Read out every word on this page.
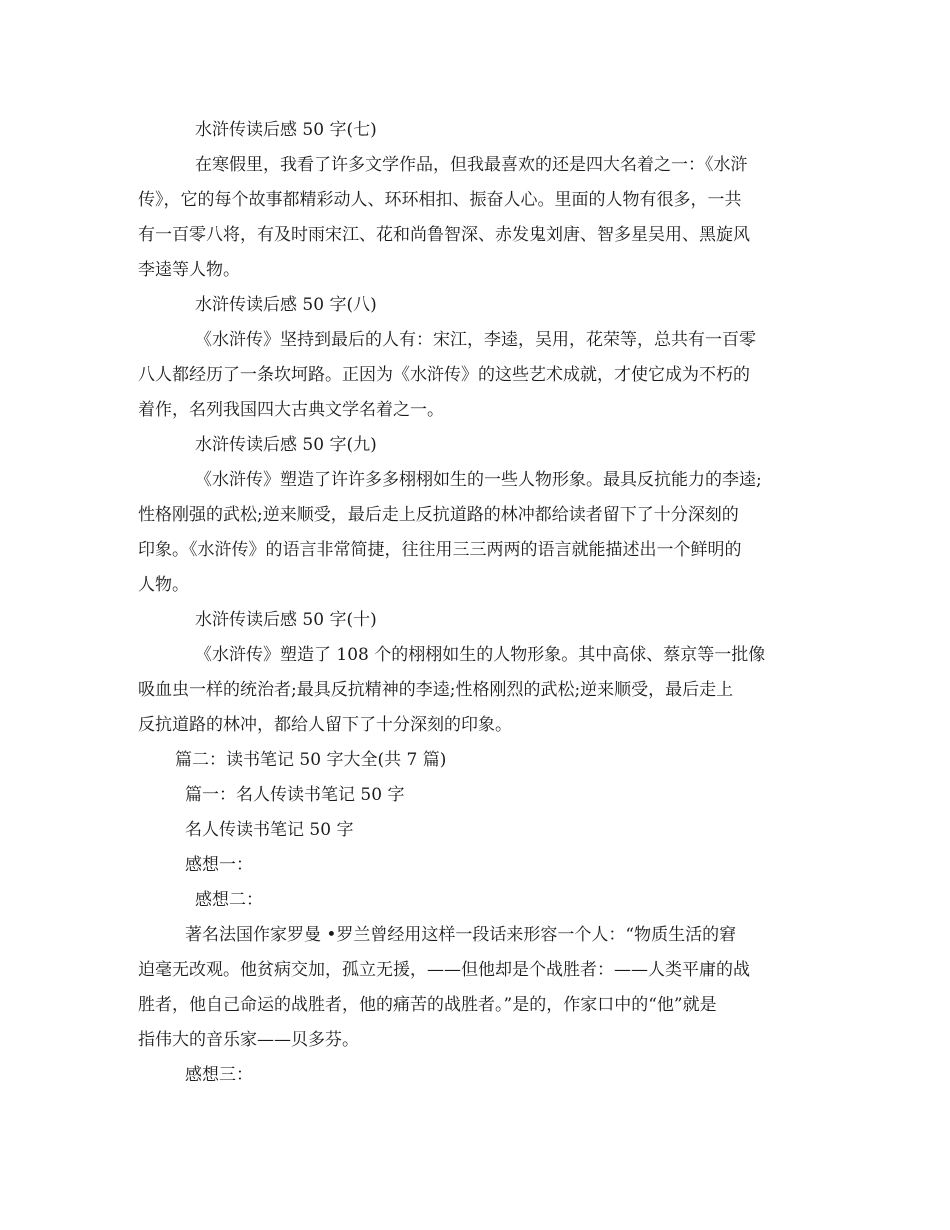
水浒传读后感 50 字(七)

在寒假里，我看了许多文学作品，但我最喜欢的还是四大名着之一：《水浒

传》，它的每个故事都精彩动人、环环相扣、振奋人心。里面的人物有很多，一共

有一百零八将，有及时雨宋江、花和尚鲁智深、赤发鬼刘唐、智多星吴用、黑旋风

李逵等人物。

水浒传读后感 50 字(八)

《水浒传》坚持到最后的人有：宋江，李逵，吴用，花荣等，总共有一百零

八人都经历了一条坎坷路。正因为《水浒传》的这些艺术成就，才使它成为不朽的

着作，名列我国四大古典文学名着之一。

水浒传读后感 50 字(九)

《水浒传》塑造了许许多多栩栩如生的一些人物形象。最具反抗能力的李逵;

性格刚强的武松;逆来顺受，最后走上反抗道路的林冲都给读者留下了十分深刻的

印象。《水浒传》的语言非常简捷，往往用三三两两的语言就能描述出一个鲜明的

人物。

水浒传读后感 50 字(十)

《水浒传》塑造了 108 个的栩栩如生的人物形象。其中高俅、蔡京等一批像

吸血虫一样的统治者;最具反抗精神的李逵;性格刚烈的武松;逆来顺受，最后走上

反抗道路的林冲，都给人留下了十分深刻的印象。

篇二：读书笔记 50 字大全(共 7 篇)

篇一：名人传读书笔记 50 字

名人传读书笔记 50 字

感想一：

感想二：

著名法国作家罗曼 •罗兰曾经用这样一段话来形容一个人：“物质生活的窘

迫毫无改观。他贫病交加，孤立无援，——但他却是个战胜者：——人类平庸的战

胜者，他自己命运的战胜者，他的痛苦的战胜者。”是的，作家口中的“他”就是

指伟大的音乐家——贝多芬。

感想三：
